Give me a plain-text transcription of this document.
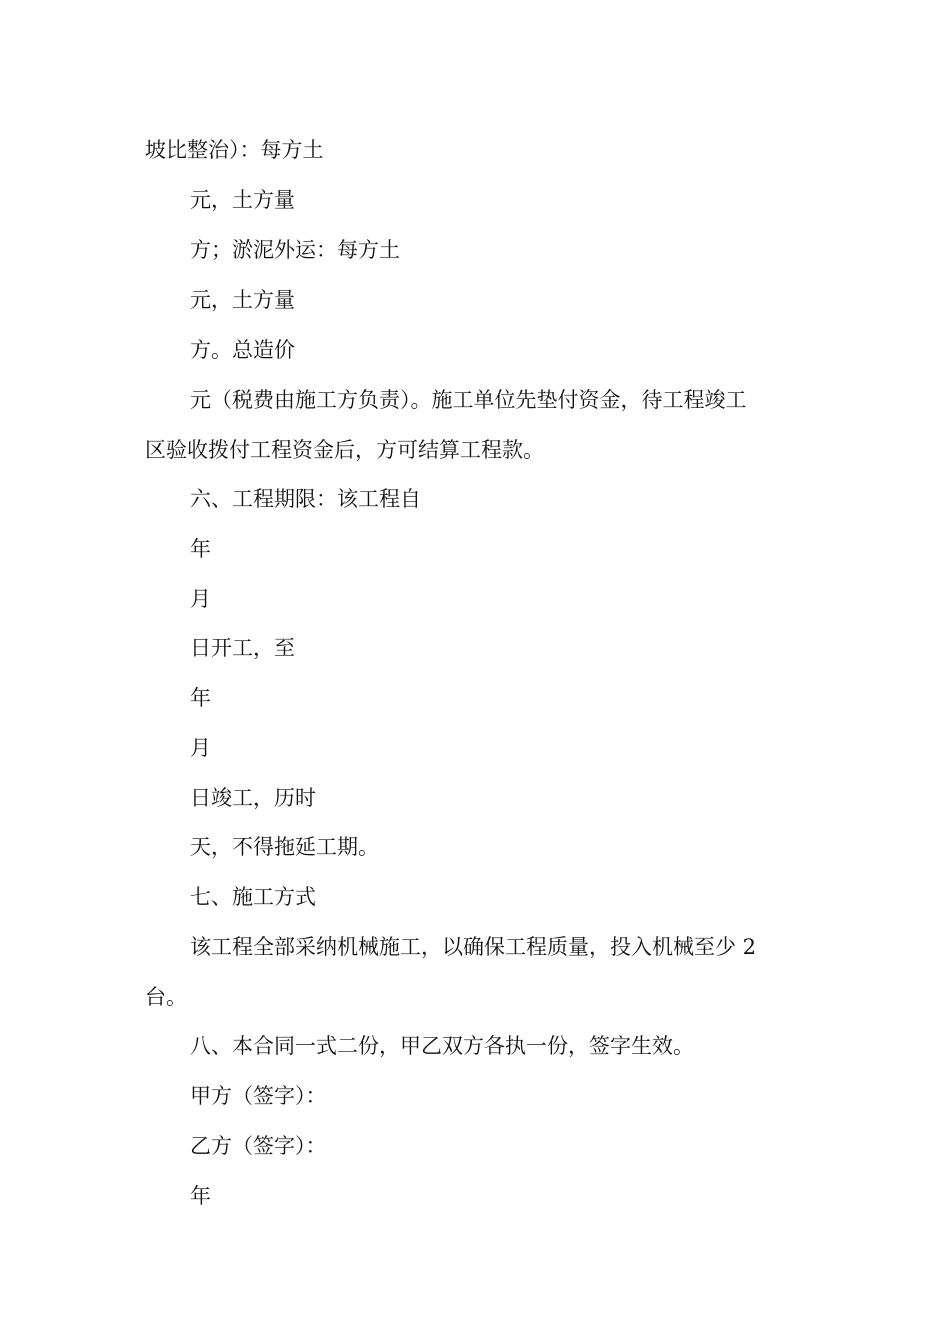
坡比整治）：每方土
元，土方量
方；淤泥外运：每方土
元，土方量
方。总造价
元（税费由施工方负责）。施工单位先垫付资金，待工程竣工
区验收拨付工程资金后，方可结算工程款。
六、工程期限：该工程自
年
月
日开工，至
年
月
日竣工，历时
天，不得拖延工期。
七、施工方式
该工程全部采纳机械施工，以确保工程质量，投入机械至少 2
台。
八、本合同一式二份，甲乙双方各执一份，签字生效。
甲方（签字）：
乙方（签字）：
年
